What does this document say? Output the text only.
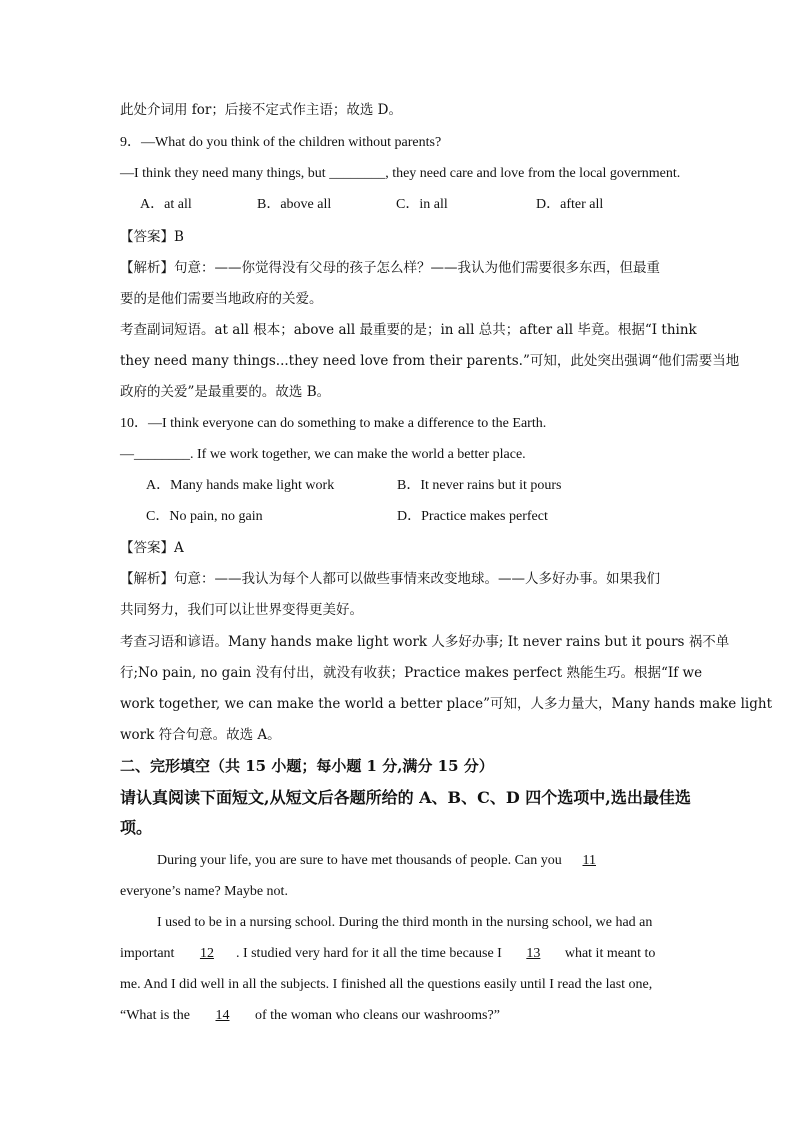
此处介词用 for；后接不定式作主语；故选 D。
9．—What do you think of the children without parents?
—I think they need many things, but ________, they need care and love from the local government.
A．at all	B．above all	C．in all	D．after all
【答案】B
【解析】句意：——你觉得没有父母的孩子怎么样？——我认为他们需要很多东西，但最重
要的是他们需要当地政府的关爱。
考查副词短语。at all 根本；above all 最重要的是；in all 总共；after all 毕竟。根据“I think
they need many things...they need love from their parents.”可知，此处突出强调“他们需要当地
政府的关爱”是最重要的。故选 B。
10．—I think everyone can do something to make a difference to the Earth.
—________. If we work together, we can make the world a better place.
A．Many hands make light work	B．It never rains but it pours
C．No pain, no gain	D．Practice makes perfect
【答案】A
【解析】句意：——我认为每个人都可以做些事情来改变地球。——人多好办事。如果我们
共同努力，我们可以让世界变得更美好。
考查习语和谚语。Many hands make light work 人多好办事; It never rains but it pours 祸不单
行;No pain, no gain 没有付出，就没有收获；Practice makes perfect 熟能生巧。根据“If we
work together, we can make the world a better place”可知，人多力量大，Many hands make light
work 符合句意。故选 A。
二、完形填空（共 15 小题；每小题 1 分,满分 15 分）
请认真阅读下面短文,从短文后各题所给的 A、B、C、D 四个选项中,选出最佳选
项。
During your life, you are sure to have met thousands of people. Can you 11
everyone’s name? Maybe not.
I used to be in a nursing school. During the third month in the nursing school, we had an
important 12 . I studied very hard for it all the time because I 13 what it meant to
me. And I did well in all the subjects. I finished all the questions easily until I read the last one,
“What is the 14 of the woman who cleans our washrooms?”
